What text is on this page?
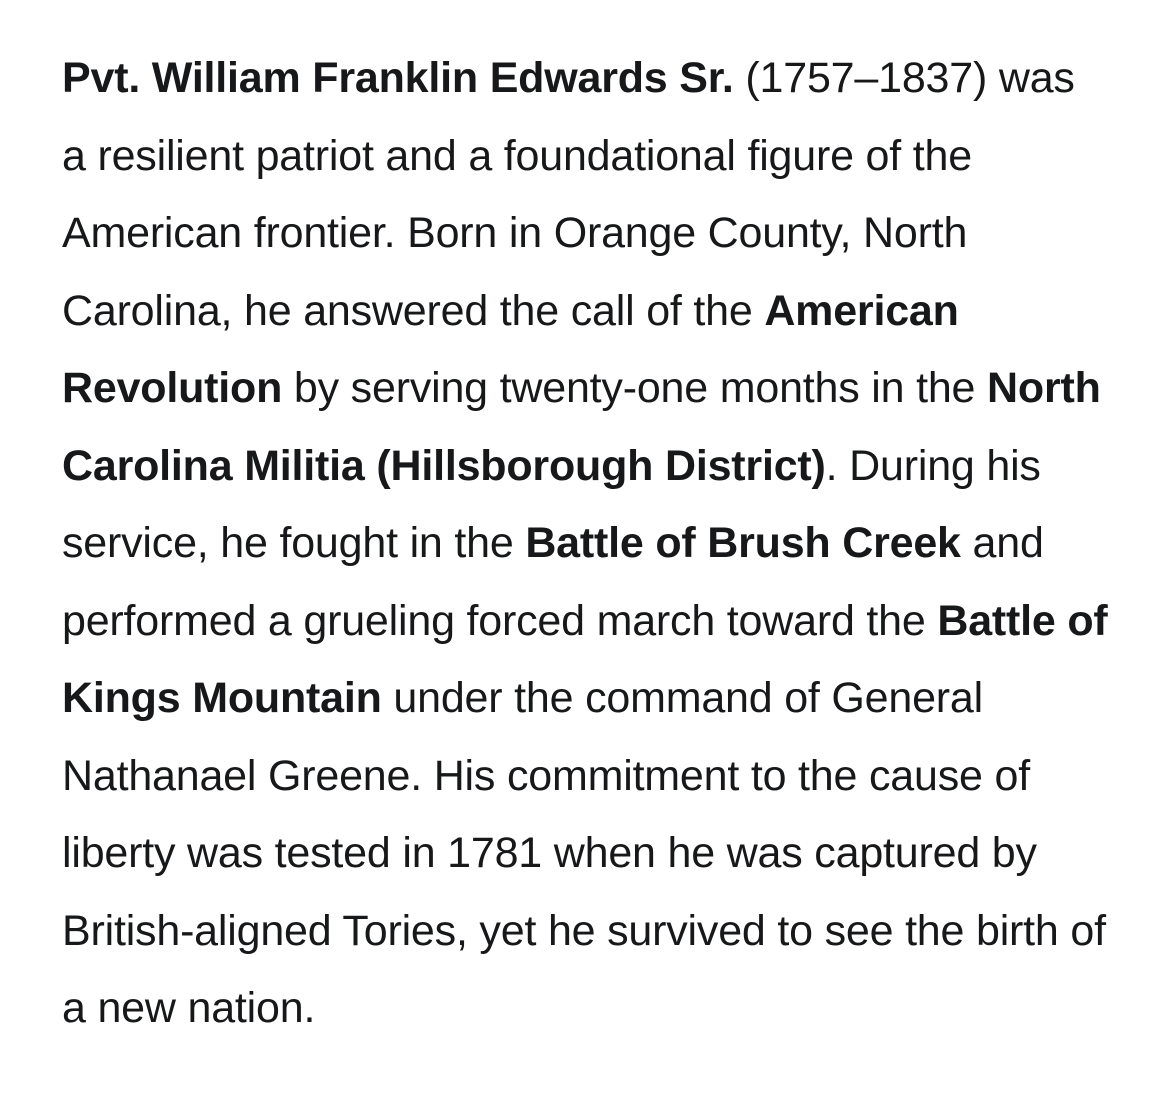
Pvt. William Franklin Edwards Sr. (1757–1837) was a resilient patriot and a foundational figure of the American frontier. Born in Orange County, North Carolina, he answered the call of the American Revolution by serving twenty-one months in the North Carolina Militia (Hillsborough District). During his service, he fought in the Battle of Brush Creek and performed a grueling forced march toward the Battle of Kings Mountain under the command of General Nathanael Greene. His commitment to the cause of liberty was tested in 1781 when he was captured by British-aligned Tories, yet he survived to see the birth of a new nation.
